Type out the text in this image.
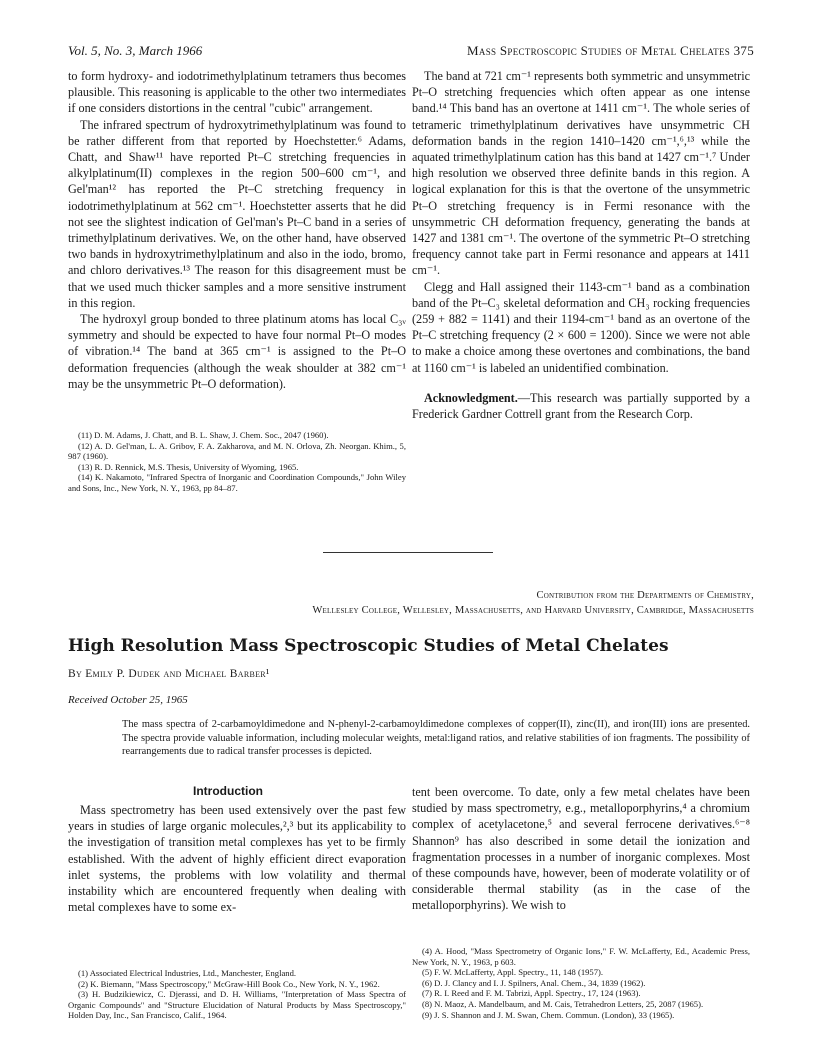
Vol. 5, No. 3, March 1966	Mass Spectroscopic Studies of Metal Chelates 375

to form hydroxy- and iodotrimethylplatinum tetramers thus becomes plausible. This reasoning is applicable to the other two intermediates if one considers distortions in the central "cubic" arrangement.

The infrared spectrum of hydroxytrimethylplatinum was found to be rather different from that reported by Hoechstetter.⁶ Adams, Chatt, and Shaw¹¹ have reported Pt–C stretching frequencies in alkylplatinum(II) complexes in the region 500–600 cm⁻¹, and Gel'man¹² has reported the Pt–C stretching frequency in iodotrimethylplatinum at 562 cm⁻¹. Hoechstetter asserts that he did not see the slightest indication of Gel'man's Pt–C band in a series of trimethylplatinum derivatives. We, on the other hand, have observed two bands in hydroxytrimethylplatinum and also in the iodo, bromo, and chloro derivatives.¹³ The reason for this disagreement must be that we used much thicker samples and a more sensitive instrument in this region.

The hydroxyl group bonded to three platinum atoms has local C₃ᵥ symmetry and should be expected to have four normal Pt–O modes of vibration.¹⁴ The band at 365 cm⁻¹ is assigned to the Pt–O deformation frequencies (although the weak shoulder at 382 cm⁻¹ may be the unsymmetric Pt–O deformation).

(11) D. M. Adams, J. Chatt, and B. L. Shaw, J. Chem. Soc., 2047 (1960).

(12) A. D. Gel'man, L. A. Gribov, F. A. Zakharova, and M. N. Orlova, Zh. Neorgan. Khim., 5, 987 (1960).

(13) R. D. Rennick, M.S. Thesis, University of Wyoming, 1965.

(14) K. Nakamoto, "Infrared Spectra of Inorganic and Coordination Compounds," John Wiley and Sons, Inc., New York, N. Y., 1963, pp 84–87.

The band at 721 cm⁻¹ represents both symmetric and unsymmetric Pt–O stretching frequencies which often appear as one intense band.¹⁴ This band has an overtone at 1411 cm⁻¹. The whole series of tetrameric trimethylplatinum derivatives have unsymmetric CH deformation bands in the region 1410–1420 cm⁻¹,⁶,¹³ while the aquated trimethylplatinum cation has this band at 1427 cm⁻¹.⁷ Under high resolution we observed three definite bands in this region. A logical explanation for this is that the overtone of the unsymmetric Pt–O stretching frequency is in Fermi resonance with the unsymmetric CH deformation frequency, generating the bands at 1427 and 1381 cm⁻¹. The overtone of the symmetric Pt–O stretching frequency cannot take part in Fermi resonance and appears at 1411 cm⁻¹.

Clegg and Hall assigned their 1143-cm⁻¹ band as a combination band of the Pt–C₃ skeletal deformation and CH₃ rocking frequencies (259 + 882 = 1141) and their 1194-cm⁻¹ band as an overtone of the Pt–C stretching frequency (2 × 600 = 1200). Since we were not able to make a choice among these overtones and combinations, the band at 1160 cm⁻¹ is labeled an unidentified combination.

Acknowledgment.—This research was partially supported by a Frederick Gardner Cottrell grant from the Research Corp.

Contribution from the Departments of Chemistry,
Wellesley College, Wellesley, Massachusetts, and Harvard University, Cambridge, Massachusetts
High Resolution Mass Spectroscopic Studies of Metal Chelates
By Emily P. Dudek and Michael Barber¹
Received October 25, 1965
The mass spectra of 2-carbamoyldimedone and N-phenyl-2-carbamoyldimedone complexes of copper(II), zinc(II), and iron(III) ions are presented. The spectra provide valuable information, including molecular weights, metal:ligand ratios, and relative stabilities of ion fragments. The possibility of rearrangements due to radical transfer processes is depicted.
Introduction

Mass spectrometry has been used extensively over the past few years in studies of large organic molecules,²,³ but its applicability to the investigation of transition metal complexes has yet to be firmly established. With the advent of highly efficient direct evaporation inlet systems, the problems with low volatility and thermal instability which are encountered frequently when dealing with metal complexes have to some ex-

tent been overcome. To date, only a few metal chelates have been studied by mass spectrometry, e.g., metalloporphyrins,⁴ a chromium complex of acetylacetone,⁵ and several ferrocene derivatives.⁶⁻⁸ Shannon⁹ has also described in some detail the ionization and fragmentation processes in a number of inorganic complexes. Most of these compounds have, however, been of moderate volatility or of considerable thermal stability (as in the case of the metalloporphyrins). We wish to

(1) Associated Electrical Industries, Ltd., Manchester, England.

(2) K. Biemann, "Mass Spectroscopy," McGraw-Hill Book Co., New York, N. Y., 1962.

(3) H. Budzikiewicz, C. Djerassi, and D. H. Williams, "Interpretation of Mass Spectra of Organic Compounds" and "Structure Elucidation of Natural Products by Mass Spectroscopy," Holden Day, Inc., San Francisco, Calif., 1964.

(4) A. Hood, "Mass Spectrometry of Organic Ions," F. W. McLafferty, Ed., Academic Press, New York, N. Y., 1963, p 603.

(5) F. W. McLafferty, Appl. Spectry., 11, 148 (1957).

(6) D. J. Clancy and I. J. Spilners, Anal. Chem., 34, 1839 (1962).

(7) R. I. Reed and F. M. Tabrizi, Appl. Spectry., 17, 124 (1963).

(8) N. Maoz, A. Mandelbaum, and M. Cais, Tetrahedron Letters, 25, 2087 (1965).

(9) J. S. Shannon and J. M. Swan, Chem. Commun. (London), 33 (1965).
